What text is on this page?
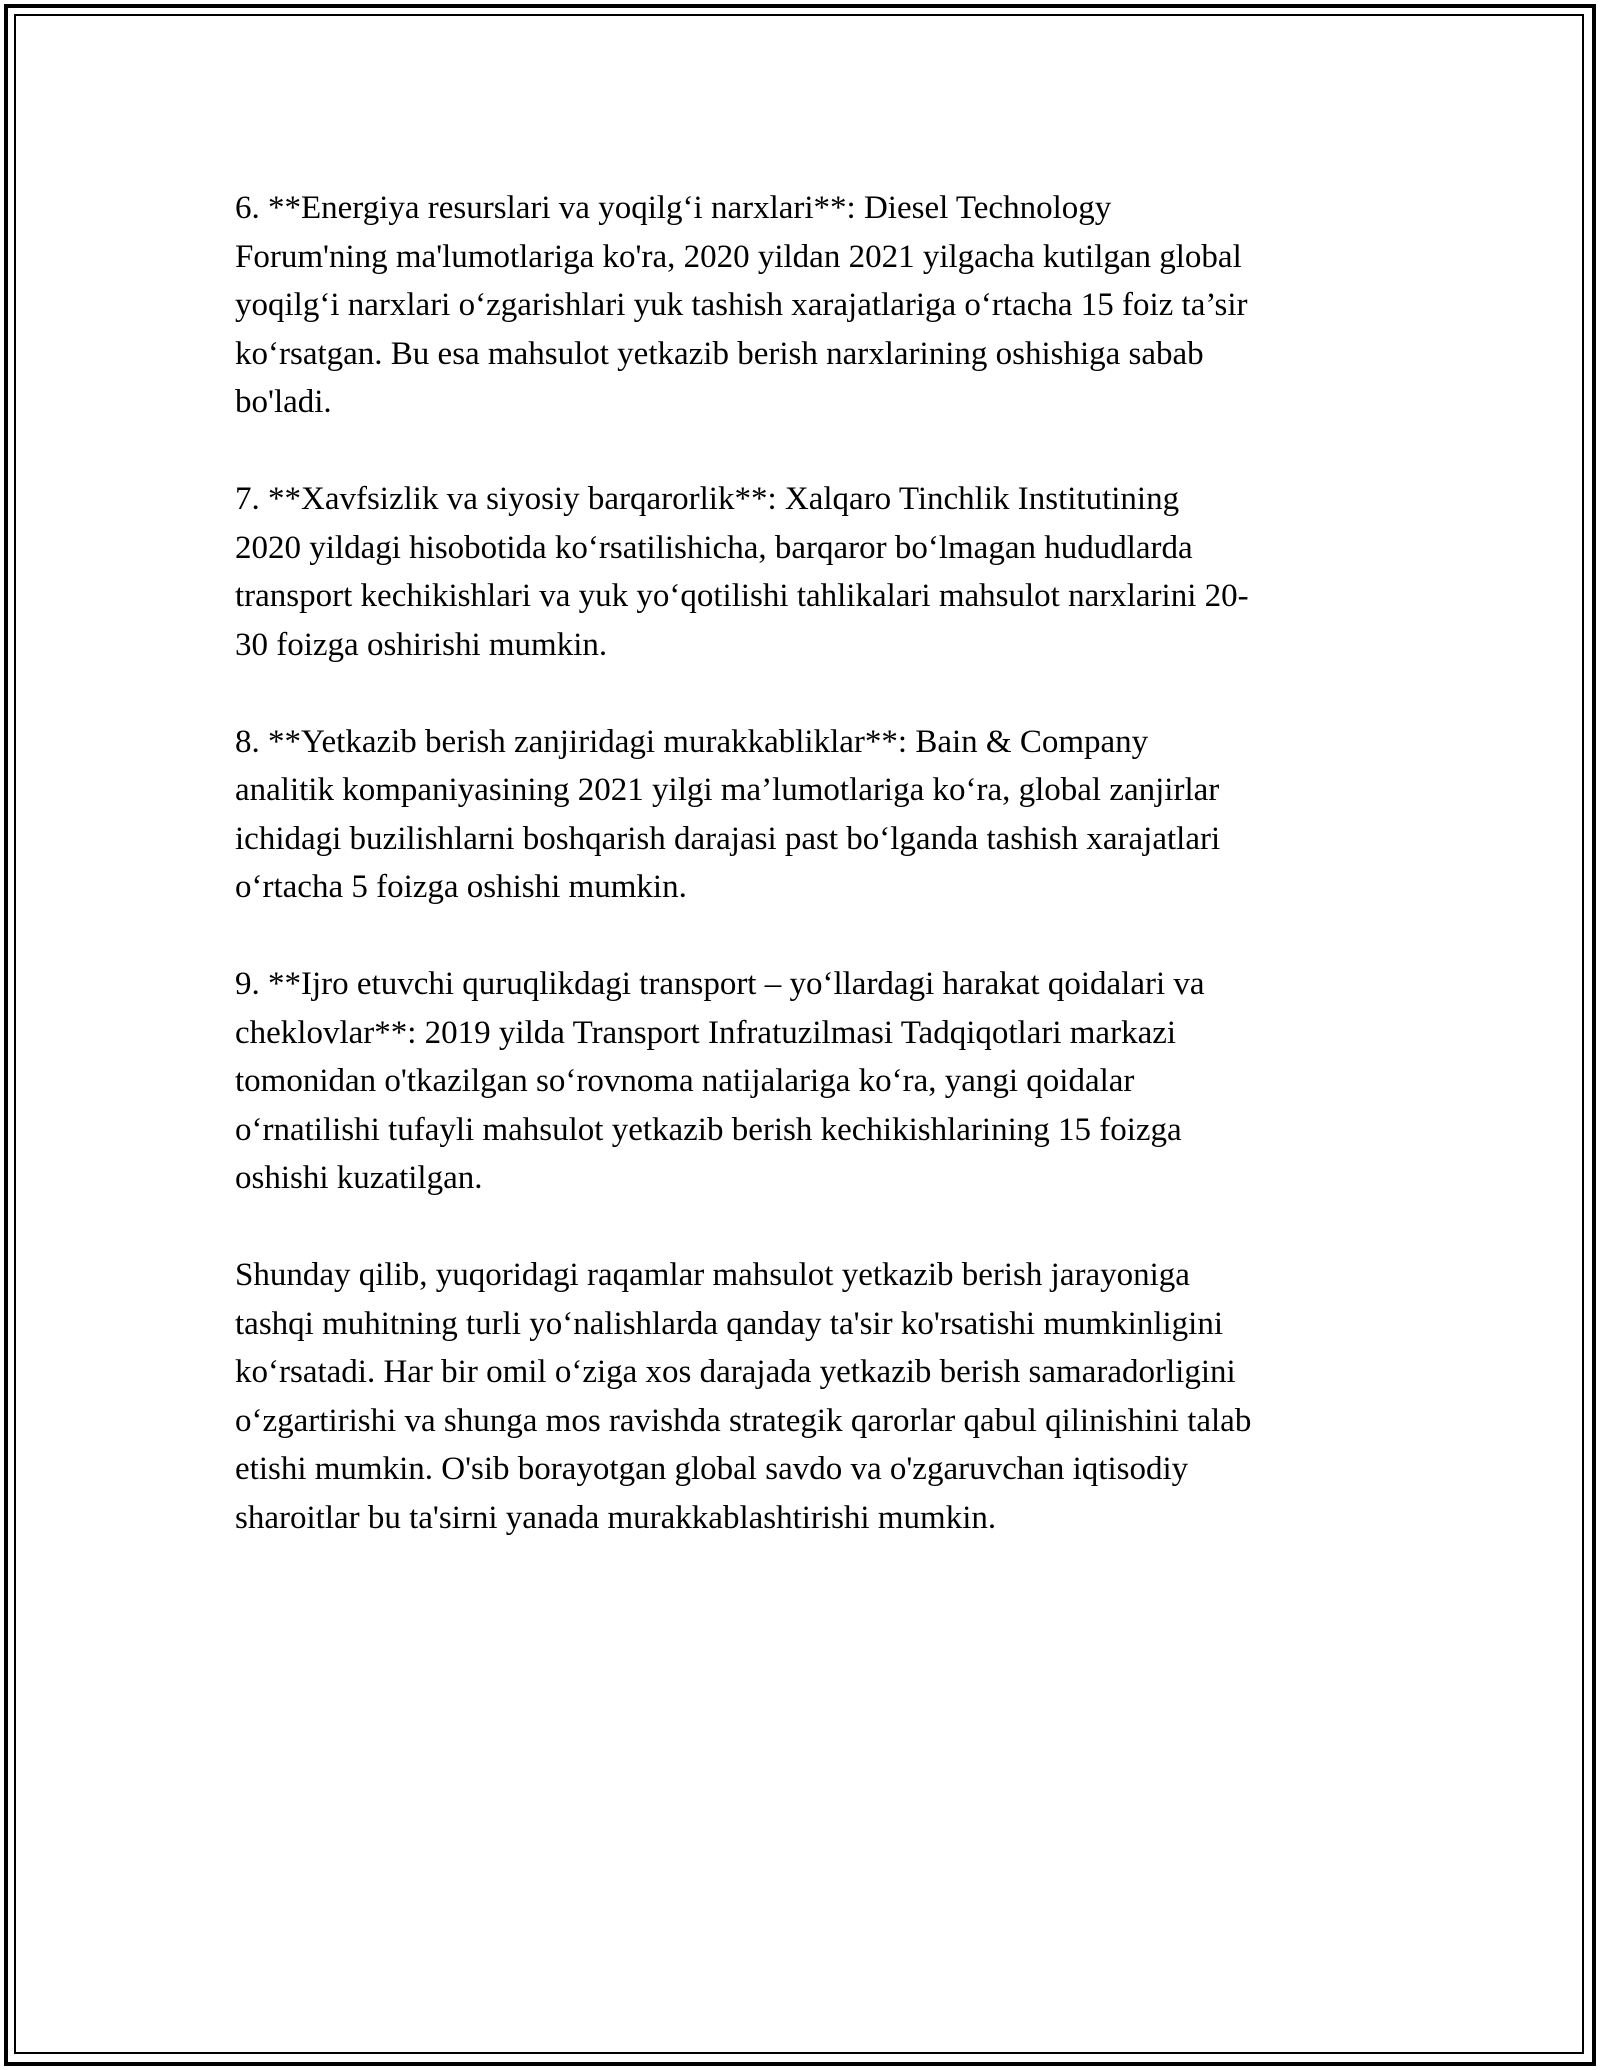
6. **Energiya resurslari va yoqilg‘i narxlari**: Diesel Technology
Forum'ning ma'lumotlariga ko'ra, 2020 yildan 2021 yilgacha kutilgan global
yoqilg‘i narxlari o‘zgarishlari yuk tashish xarajatlariga o‘rtacha 15 foiz ta’sir
ko‘rsatgan. Bu esa mahsulot yetkazib berish narxlarining oshishiga sabab
bo'ladi.

7. **Xavfsizlik va siyosiy barqarorlik**: Xalqaro Tinchlik Institutining
2020 yildagi hisobotida ko‘rsatilishicha, barqaror bo‘lmagan hududlarda
transport kechikishlari va yuk yo‘qotilishi tahlikalari mahsulot narxlarini 20-
30 foizga oshirishi mumkin.

8. **Yetkazib berish zanjiridagi murakkabliklar**: Bain & Company
analitik kompaniyasining 2021 yilgi ma’lumotlariga ko‘ra, global zanjirlar
ichidagi buzilishlarni boshqarish darajasi past bo‘lganda tashish xarajatlari
o‘rtacha 5 foizga oshishi mumkin.

9. **Ijro etuvchi quruqlikdagi transport – yo‘llardagi harakat qoidalari va
cheklovlar**: 2019 yilda Transport Infratuzilmasi Tadqiqotlari markazi
tomonidan o'tkazilgan so‘rovnoma natijalariga ko‘ra, yangi qoidalar
o‘rnatilishi tufayli mahsulot yetkazib berish kechikishlarining 15 foizga
oshishi kuzatilgan.

Shunday qilib, yuqoridagi raqamlar mahsulot yetkazib berish jarayoniga
tashqi muhitning turli yo‘nalishlarda qanday ta'sir ko'rsatishi mumkinligini
ko‘rsatadi. Har bir omil o‘ziga xos darajada yetkazib berish samaradorligini
o‘zgartirishi va shunga mos ravishda strategik qarorlar qabul qilinishini talab
etishi mumkin. O'sib borayotgan global savdo va o'zgaruvchan iqtisodiy
sharoitlar bu ta'sirni yanada murakkablashtirishi mumkin.
